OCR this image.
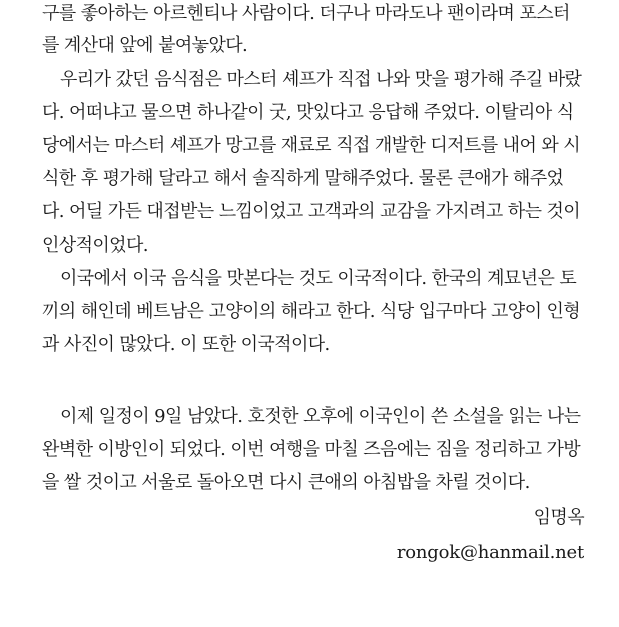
구를 좋아하는 아르헨티나 사람이다. 더구나 마라도나 팬이라며 포스터
를 계산대 앞에 붙여놓았다.
우리가 갔던 음식점은 마스터 셰프가 직접 나와 맛을 평가해 주길 바랐
다. 어떠냐고 물으면 하나같이 굿, 맛있다고 응답해 주었다. 이탈리아 식
당에서는 마스터 셰프가 망고를 재료로 직접 개발한 디저트를 내어 와 시
식한 후 평가해 달라고 해서 솔직하게 말해주었다. 물론 큰애가 해주었
다. 어딜 가든 대접받는 느낌이었고 고객과의 교감을 가지려고 하는 것이
인상적이었다.
이국에서 이국 음식을 맛본다는 것도 이국적이다. 한국의 계묘년은 토
끼의 해인데 베트남은 고양이의 해라고 한다. 식당 입구마다 고양이 인형
과 사진이 많았다. 이 또한 이국적이다.
이제 일정이 9일 남았다. 호젓한 오후에 이국인이 쓴 소설을 읽는 나는
완벽한 이방인이 되었다. 이번 여행을 마칠 즈음에는 짐을 정리하고 가방
을 쌀 것이고 서울로 돌아오면 다시 큰애의 아침밥을 차릴 것이다.
임명옥
rongok@hanmail.net
